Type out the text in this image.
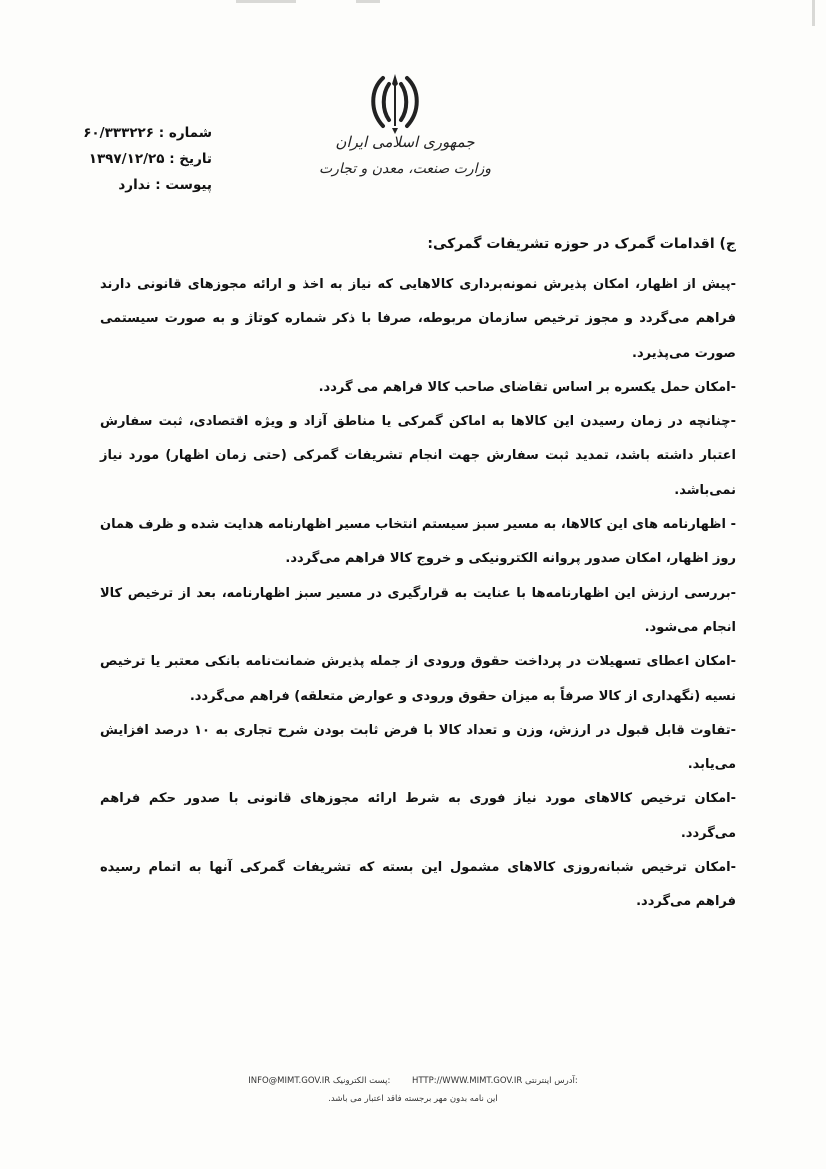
جمهوری اسلامی ایران
وزارت صنعت، معدن و تجارت
شماره : ۶۰/۳۳۳۲۲۶
تاریخ : ۱۳۹۷/۱۲/۲۵
پیوست : ندارد
ج) اقدامات گمرک در حوزه تشریفات گمرکی:

-پیش از اظهار، امکان پذیرش نمونه‌برداری کالاهایی که نیاز به اخذ و ارائه مجوزهای قانونی دارند فراهم می‌گردد و مجوز ترخیص سازمان مربوطه، صرفا با ذکر شماره کوتاژ و به صورت سیستمی صورت می‌پذیرد.

-امکان حمل یکسره بر اساس تقاضای صاحب کالا فراهم می گردد.

-چنانچه در زمان رسیدن این کالاها به اماکن گمرکی یا مناطق آزاد و ویژه اقتصادی، ثبت سفارش اعتبار داشته باشد، تمدید ثبت سفارش جهت انجام تشریفات گمرکی (حتی زمان اظهار) مورد نیاز نمی‌باشد.

- اظهارنامه های این کالاها، به مسیر سبز سیستم انتخاب مسیر اظهارنامه هدایت شده و ظرف همان روز اظهار، امکان صدور پروانه الکترونیکی و خروج کالا فراهم می‌گردد.

-بررسی ارزش این اظهارنامه‌ها با عنایت به قرارگیری در مسیر سبز اظهارنامه، بعد از ترخیص کالا انجام می‌شود.

-امکان اعطای تسهیلات در پرداخت حقوق ورودی از جمله پذیرش ضمانت‌نامه بانکی معتبر یا ترخیص نسیه (نگهداری از کالا صرفاً به میزان حقوق ورودی و عوارض متعلقه) فراهم می‌گردد.

-تفاوت قابل قبول در ارزش، وزن و تعداد کالا با فرض ثابت بودن شرح تجاری به ۱۰ درصد افزایش می‌یابد.

-امکان ترخیص کالاهای مورد نیاز فوری به شرط ارائه مجوزهای قانونی با صدور حکم فراهم می‌گردد.

-امکان ترخیص شبانه‌روزی کالاهای مشمول این بسته که تشریفات گمرکی آنها به اتمام رسیده فراهم می‌گردد.

INFO@MIMT.GOV.IR پست الکترونیک:	HTTP://WWW.MIMT.GOV.IR آدرس اینترنتی:
این نامه بدون مهر برجسته فاقد اعتبار می باشد.
